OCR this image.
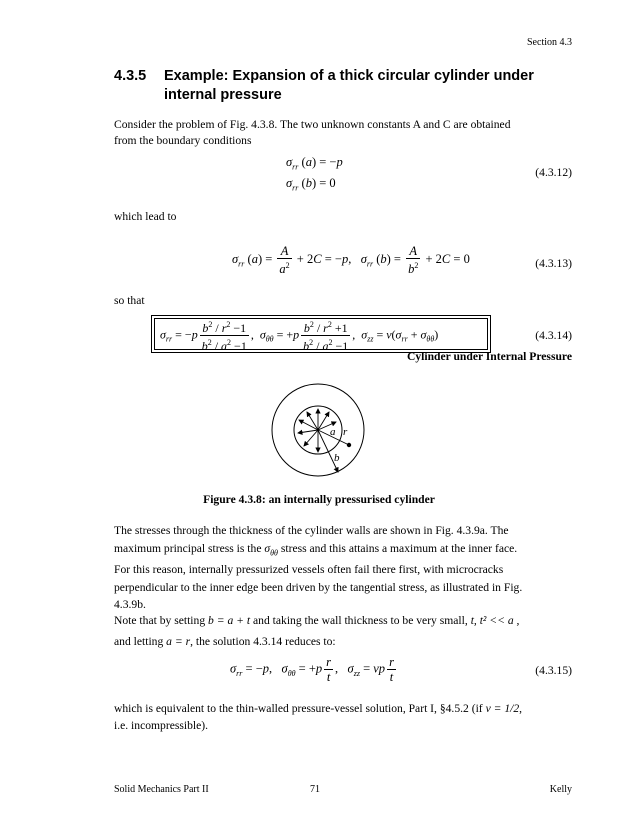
Section 4.3
4.3.5 Example: Expansion of a thick circular cylinder under internal pressure
Consider the problem of Fig. 4.3.8. The two unknown constants A and C are obtained
from the boundary conditions
$\sigma_{rr}$ (a) = −p
$\sigma_{rr}$ (b) = 0
(4.3.12)
which lead to
$\sigma_{rr}$ $(a) = \frac{A}{a^2} + 2C = -p$,   $\sigma_{rr}$ $(b) = \frac{A}{b^2} + 2C = 0$	(4.3.13)
so that
$\sigma_{rr} = -p \frac{b^2 / r^2 -1}{b^2 / a^2 -1}$ ,  $\sigma_{\theta\theta} = +p \frac{b^2 / r^2 +1}{b^2 / a^2 -1}$ ,  $\sigma_{zz} = \nu(\sigma_{rr} + \sigma_{\theta\theta})$	(4.3.14)
Cylinder under Internal Pressure
a r
b
Figure 4.3.8: an internally pressurised cylinder
The stresses through the thickness of the cylinder walls are shown in Fig. 4.3.9a. The
maximum principal stress is the $\sigma_{\theta\theta}$ stress and this attains a maximum at the inner face.
For this reason, internally pressurized vessels often fail there first, with microcracks
perpendicular to the inner edge been driven by the tangential stress, as illustrated in Fig.
4.3.9b.
Note that by setting b = a + t and taking the wall thickness to be very small, t, t² << a ,
and letting a = r, the solution 4.3.14 reduces to:
$\sigma_{rr} = -p$,   $\sigma_{\theta\theta} = +p \frac{r}{t}$ ,   $\sigma_{zz} = \nu p \frac{r}{t}$	(4.3.15)
which is equivalent to the thin-walled pressure-vessel solution, Part I, §4.5.2 (if ν = 1/2,
i.e. incompressible).
Solid Mechanics Part II	71	Kelly
